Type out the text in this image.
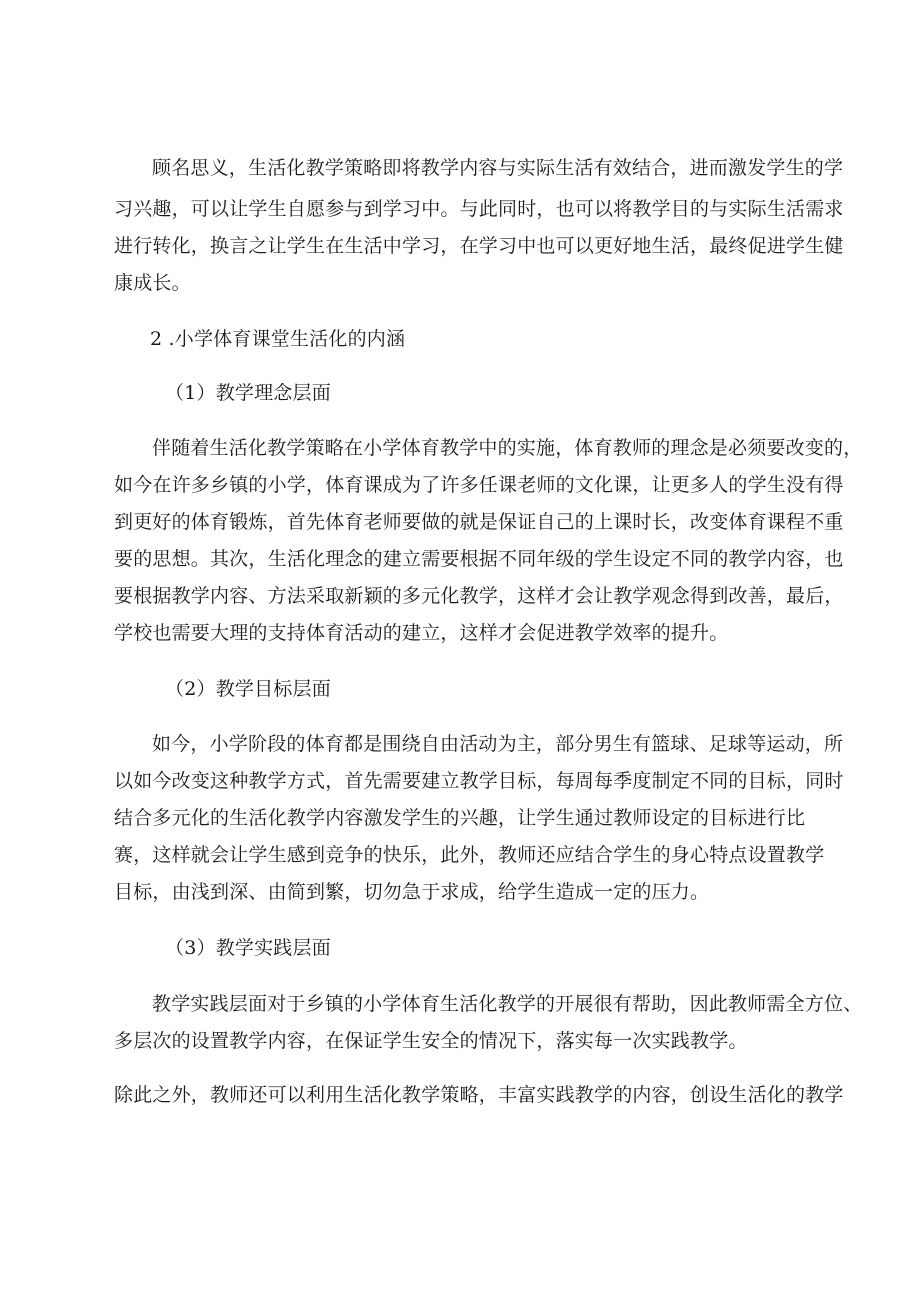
顾名思义，生活化教学策略即将教学内容与实际生活有效结合，进而激发学生的学
习兴趣，可以让学生自愿参与到学习中。与此同时，也可以将教学目的与实际生活需求
进行转化，换言之让学生在生活中学习，在学习中也可以更好地生活，最终促进学生健
康成长。
2 .小学体育课堂生活化的内涵
（1）教学理念层面
伴随着生活化教学策略在小学体育教学中的实施，体育教师的理念是必须要改变的，
如今在许多乡镇的小学，体育课成为了许多任课老师的文化课，让更多人的学生没有得
到更好的体育锻炼，首先体育老师要做的就是保证自己的上课时长，改变体育课程不重
要的思想。其次，生活化理念的建立需要根据不同年级的学生设定不同的教学内容，也
要根据教学内容、方法采取新颖的多元化教学，这样才会让教学观念得到改善，最后，
学校也需要大理的支持体育活动的建立，这样才会促进教学效率的提升。
（2）教学目标层面
如今，小学阶段的体育都是围绕自由活动为主，部分男生有篮球、足球等运动，所
以如今改变这种教学方式，首先需要建立教学目标，每周每季度制定不同的目标，同时
结合多元化的生活化教学内容激发学生的兴趣，让学生通过教师设定的目标进行比
赛，这样就会让学生感到竞争的快乐，此外，教师还应结合学生的身心特点设置教学
目标，由浅到深、由简到繁，切勿急于求成，给学生造成一定的压力。
（3）教学实践层面
教学实践层面对于乡镇的小学体育生活化教学的开展很有帮助，因此教师需全方位、
多层次的设置教学内容，在保证学生安全的情况下，落实每一次实践教学。
除此之外，教师还可以利用生活化教学策略，丰富实践教学的内容，创设生活化的教学
